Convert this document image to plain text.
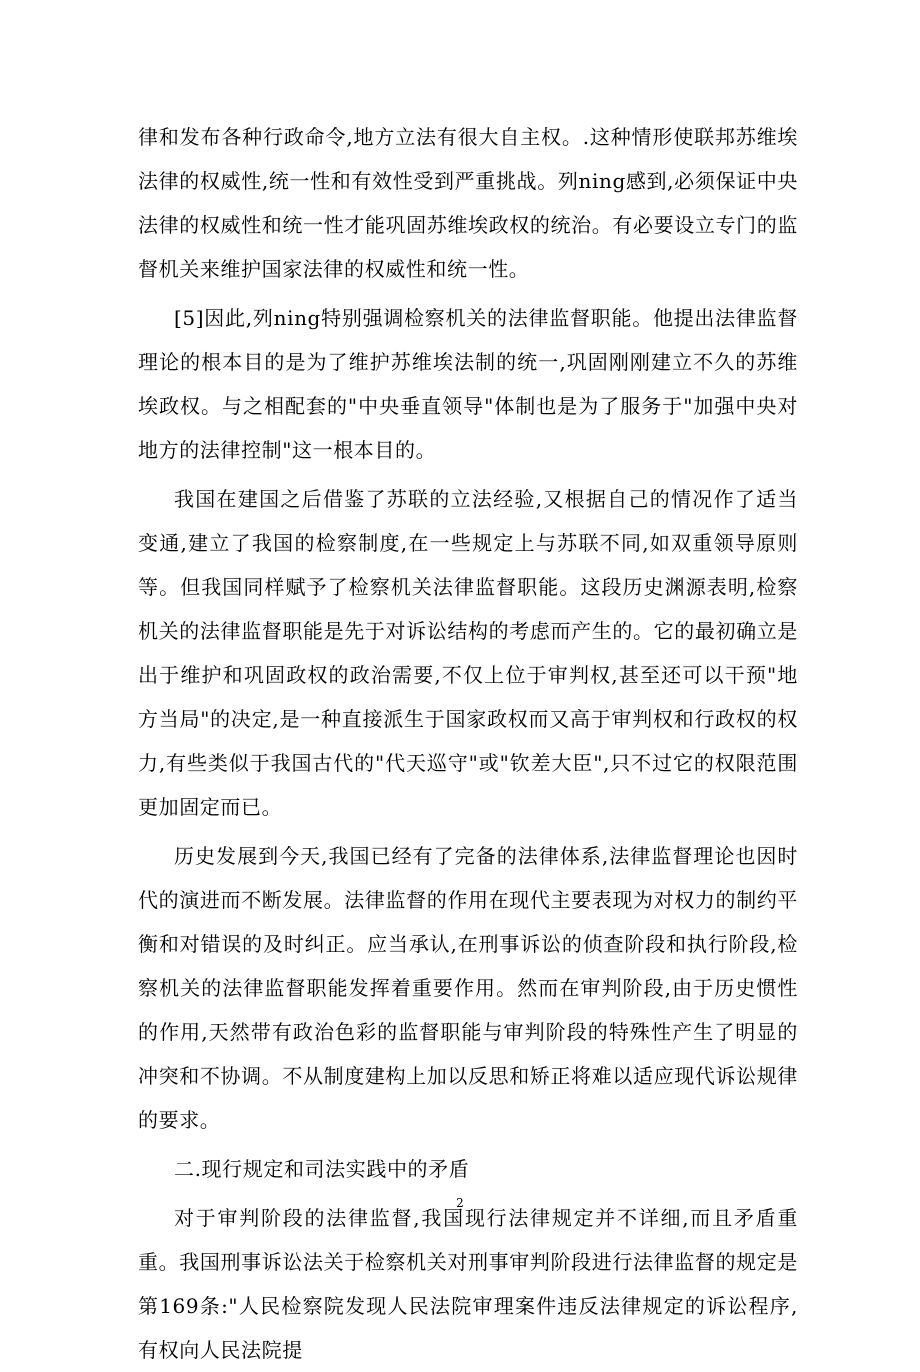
律和发布各种行政命令,地方立法有很大自主权。.这种情形使联邦苏维埃法律的权威性,统一性和有效性受到严重挑战。列ning感到,必须保证中央法律的权威性和统一性才能巩固苏维埃政权的统治。有必要设立专门的监督机关来维护国家法律的权威性和统一性。

[5]因此,列ning特别强调检察机关的法律监督职能。他提出法律监督理论的根本目的是为了维护苏维埃法制的统一,巩固刚刚建立不久的苏维埃政权。与之相配套的"中央垂直领导"体制也是为了服务于"加强中央对地方的法律控制"这一根本目的。

我国在建国之后借鉴了苏联的立法经验,又根据自己的情况作了适当变通,建立了我国的检察制度,在一些规定上与苏联不同,如双重领导原则等。但我国同样赋予了检察机关法律监督职能。这段历史渊源表明,检察机关的法律监督职能是先于对诉讼结构的考虑而产生的。它的最初确立是出于维护和巩固政权的政治需要,不仅上位于审判权,甚至还可以干预"地方当局"的决定,是一种直接派生于国家政权而又高于审判权和行政权的权力,有些类似于我国古代的"代天巡守"或"钦差大臣",只不过它的权限范围更加固定而已。

历史发展到今天,我国已经有了完备的法律体系,法律监督理论也因时代的演进而不断发展。法律监督的作用在现代主要表现为对权力的制约平衡和对错误的及时纠正。应当承认,在刑事诉讼的侦查阶段和执行阶段,检察机关的法律监督职能发挥着重要作用。然而在审判阶段,由于历史惯性的作用,天然带有政治色彩的监督职能与审判阶段的特殊性产生了明显的冲突和不协调。不从制度建构上加以反思和矫正将难以适应现代诉讼规律的要求。

二.现行规定和司法实践中的矛盾

对于审判阶段的法律监督,我国现行法律规定并不详细,而且矛盾重重。我国刑事诉讼法关于检察机关对刑事审判阶段进行法律监督的规定是第169条:"人民检察院发现人民法院审理案件违反法律规定的诉讼程序,有权向人民法院提

2
